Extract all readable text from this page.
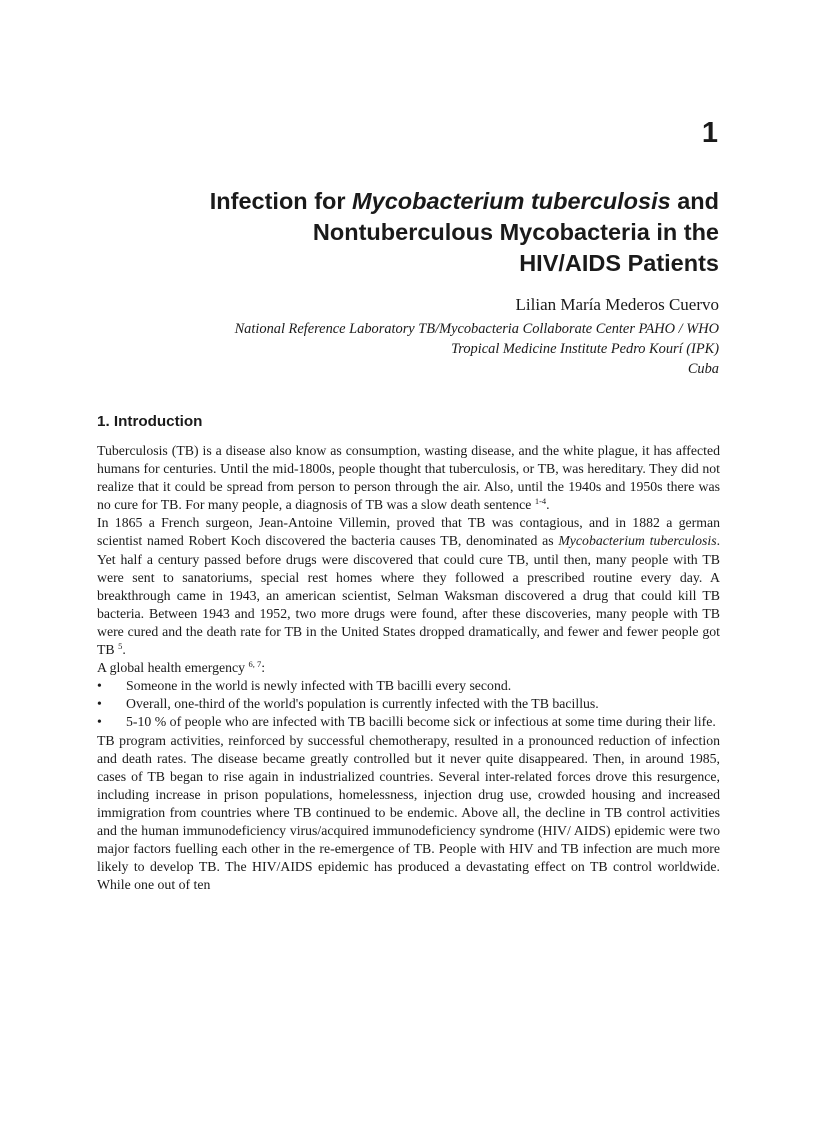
1
Infection for Mycobacterium tuberculosis and
Nontuberculous Mycobacteria in the
HIV/AIDS Patients
Lilian María Mederos Cuervo
National Reference Laboratory TB/Mycobacteria Collaborate Center PAHO / WHO
Tropical Medicine Institute Pedro Kourí (IPK)
Cuba
1. Introduction

Tuberculosis (TB) is a disease also know as consumption, wasting disease, and the white plague, it has affected humans for centuries. Until the mid-1800s, people thought that tuberculosis, or TB, was hereditary. They did not realize that it could be spread from person to person through the air. Also, until the 1940s and 1950s there was no cure for TB. For many people, a diagnosis of TB was a slow death sentence $^{1-4}$.

In 1865 a French surgeon, Jean-Antoine Villemin, proved that TB was contagious, and in 1882 a german scientist named Robert Koch discovered the bacteria causes TB, denominated as Mycobacterium tuberculosis. Yet half a century passed before drugs were discovered that could cure TB, until then, many people with TB were sent to sanatoriums, special rest homes where they followed a prescribed routine every day. A breakthrough came in 1943, an american scientist, Selman Waksman discovered a drug that could kill TB bacteria. Between 1943 and 1952, two more drugs were found, after these discoveries, many people with TB were cured and the death rate for TB in the United States dropped dramatically, and fewer and fewer people got TB $^5$.

A global health emergency $^{6, 7}$:

• Someone in the world is newly infected with TB bacilli every second.
• Overall, one-third of the world's population is currently infected with the TB bacillus.
• 5-10 % of people who are infected with TB bacilli become sick or infectious at some time during their life.

TB program activities, reinforced by successful chemotherapy, resulted in a pronounced reduction of infection and death rates. The disease became greatly controlled but it never quite disappeared. Then, in around 1985, cases of TB began to rise again in industrialized countries. Several inter-related forces drove this resurgence, including increase in prison populations, homelessness, injection drug use, crowded housing and increased immigration from countries where TB continued to be endemic. Above all, the decline in TB control activities and the human immunodeficiency virus/acquired immunodeficiency syndrome (HIV/ AIDS) epidemic were two major factors fuelling each other in the re-emergence of TB. People with HIV and TB infection are much more likely to develop TB. The HIV/AIDS epidemic has produced a devastating effect on TB control worldwide. While one out of ten
